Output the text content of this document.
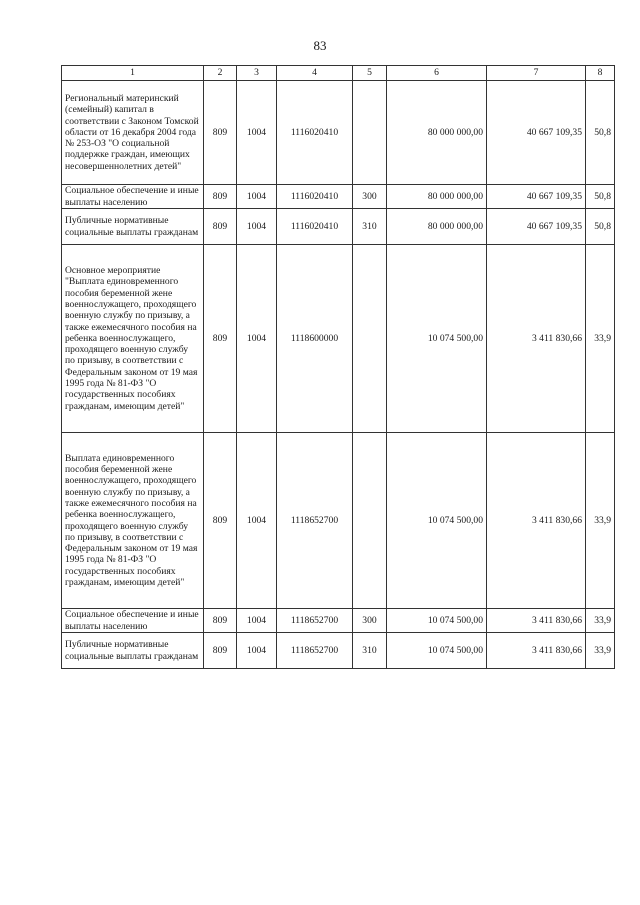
83
1	2	3	4	5	6	7	8
Региональный материнский (семейный) капитал в соответствии с Законом Томской области от 16 декабря 2004 года № 253-ОЗ "О социальной поддержке граждан, имеющих несовершеннолетних детей"	809	1004	1116020410		80 000 000,00	40 667 109,35	50,8
Социальное обеспечение и иные выплаты населению	809	1004	1116020410	300	80 000 000,00	40 667 109,35	50,8
Публичные нормативные социальные выплаты гражданам	809	1004	1116020410	310	80 000 000,00	40 667 109,35	50,8
Основное мероприятие "Выплата единовременного пособия беременной жене военнослужащего, проходящего военную службу по призыву, а также ежемесячного пособия на ребенка военнослужащего, проходящего военную службу по призыву, в соответствии с Федеральным законом от 19 мая 1995 года № 81-ФЗ "О государственных пособиях гражданам, имеющим детей"	809	1004	1118600000		10 074 500,00	3 411 830,66	33,9
Выплата единовременного пособия беременной жене военнослужащего, проходящего военную службу по призыву, а также ежемесячного пособия на ребенка военнослужащего, проходящего военную службу по призыву, в соответствии с Федеральным законом от 19 мая 1995 года № 81-ФЗ "О государственных пособиях гражданам, имеющим детей"	809	1004	1118652700		10 074 500,00	3 411 830,66	33,9
Социальное обеспечение и иные выплаты населению	809	1004	1118652700	300	10 074 500,00	3 411 830,66	33,9
Публичные нормативные социальные выплаты гражданам	809	1004	1118652700	310	10 074 500,00	3 411 830,66	33,9
